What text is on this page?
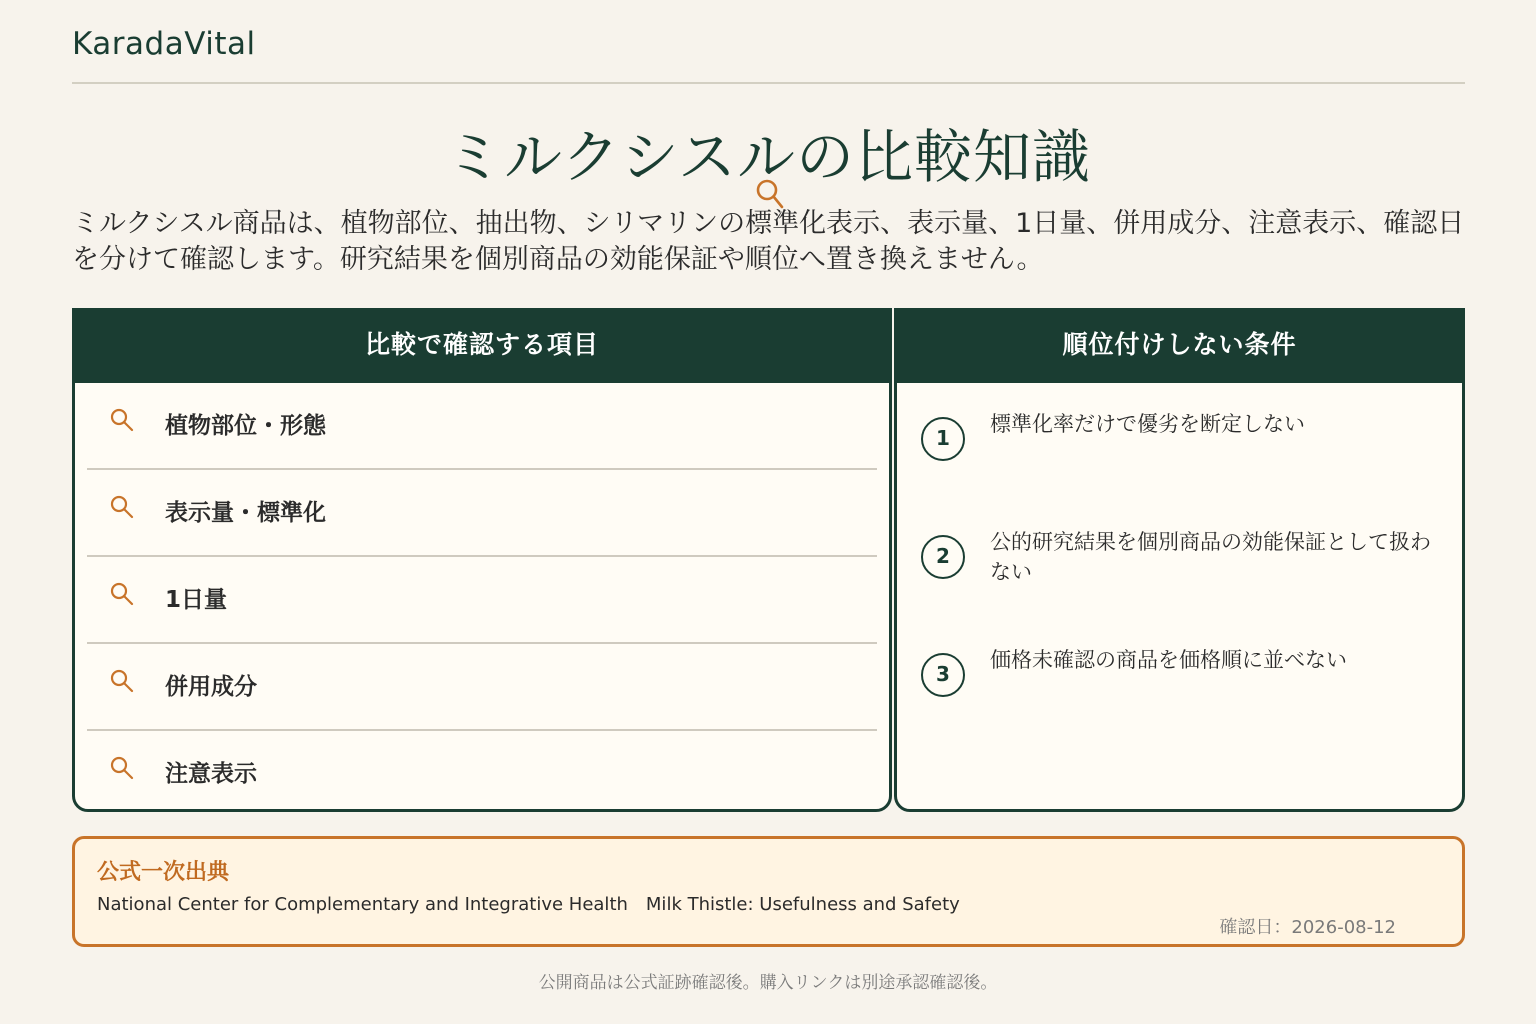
KaradaVital
ミルクシスルの比較知識

ミルクシスル商品は、植物部位、抽出物、シリマリンの標準化表示、表示量、1日量、併用成分、注意表示、確認日を分けて確認します。研究結果を個別商品の効能保証や順位へ置き換えません。

比較で確認する項目
植物部位・形態
表示量・標準化
1日量
併用成分
注意表示
順位付けしない条件
1
標準化率だけで優劣を断定しない
2
公的研究結果を個別商品の効能保証として扱わない
3
価格未確認の商品を価格順に並べない
公式一次出典
National Center for Complementary and Integrative Health Milk Thistle: Usefulness and Safety
確認日：2026-08-12
公開商品は公式証跡確認後。購入リンクは別途承認確認後。
